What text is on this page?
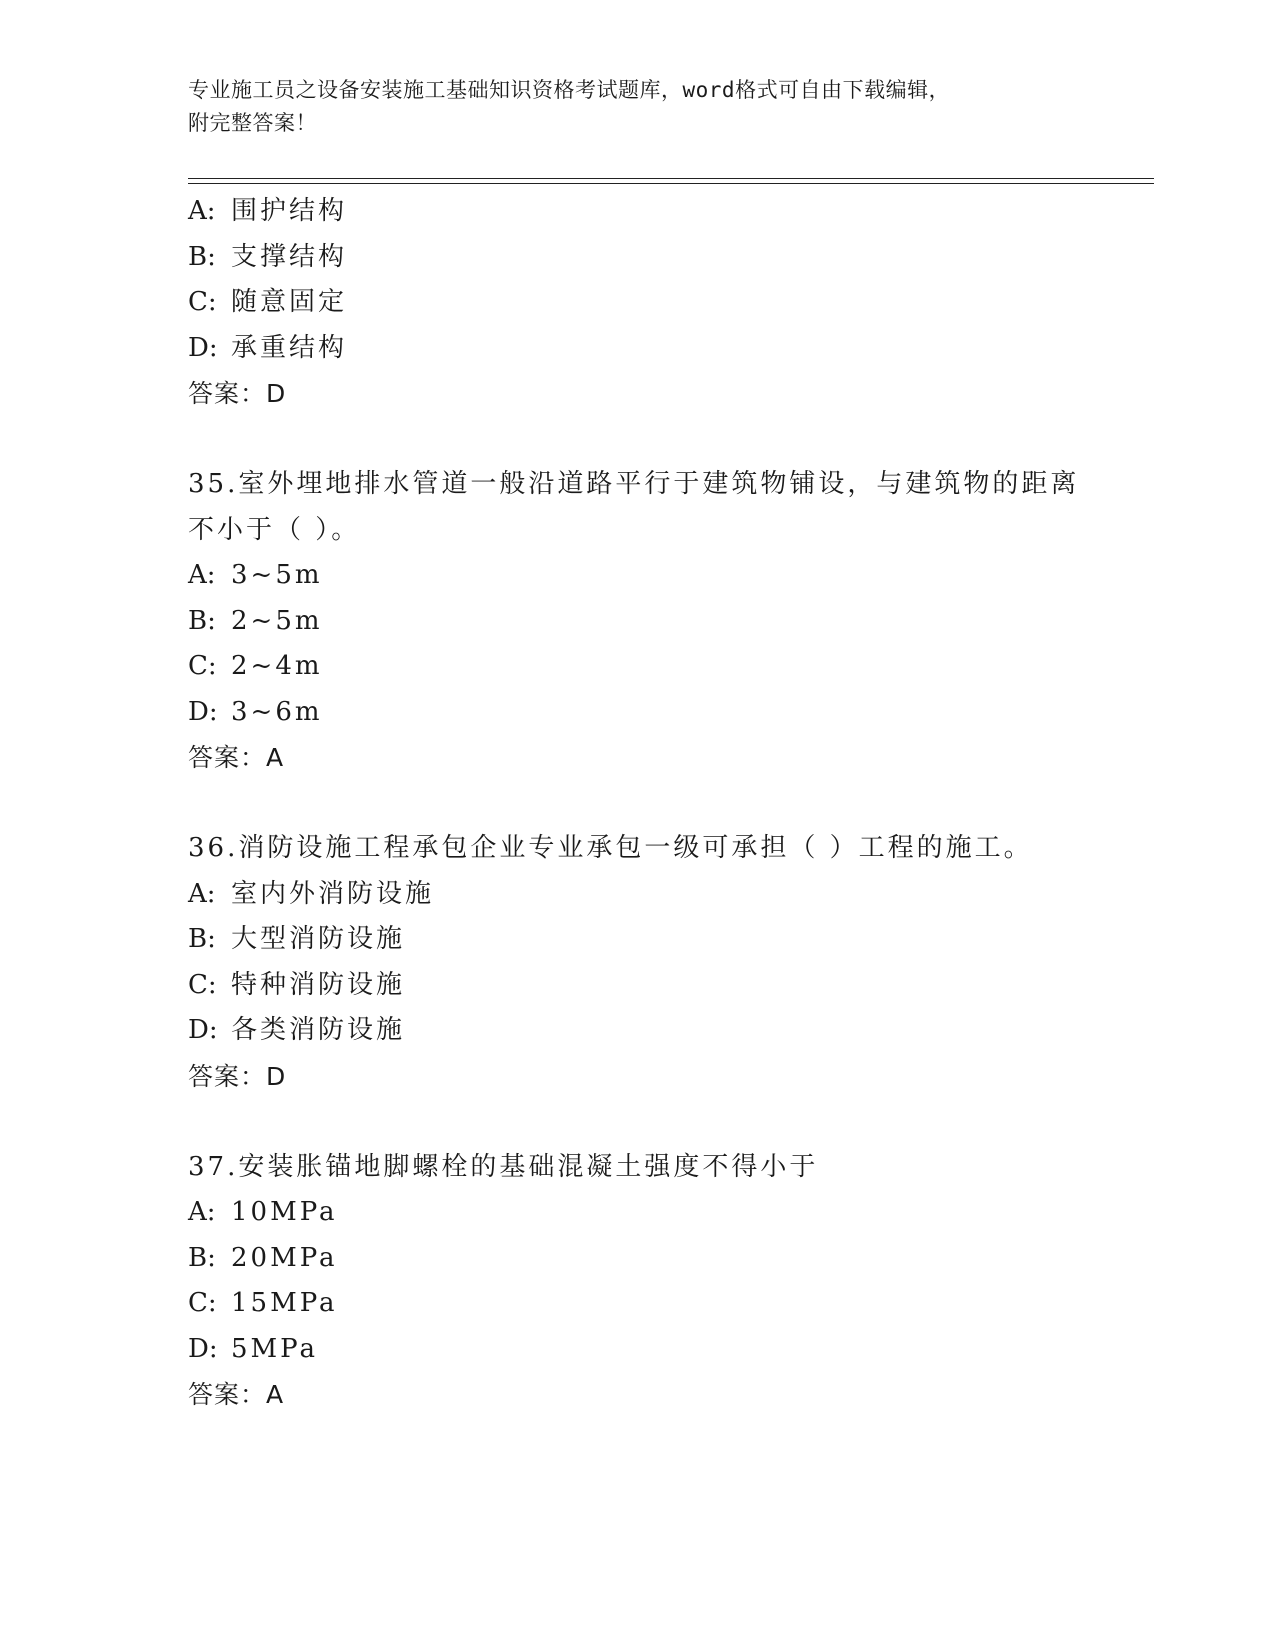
专业施工员之设备安装施工基础知识资格考试题库，word格式可自由下载编辑，
附完整答案！
A: 围护结构
B: 支撑结构
C: 随意固定
D: 承重结构
答案：D
35.室外埋地排水管道一般沿道路平行于建筑物铺设，与建筑物的距离
不小于（ ）。
A: 3~5m
B: 2~5m
C: 2~4m
D: 3~6m
答案：A
36.消防设施工程承包企业专业承包一级可承担（ ）工程的施工。
A: 室内外消防设施
B: 大型消防设施
C: 特种消防设施
D: 各类消防设施
答案：D
37.安装胀锚地脚螺栓的基础混凝土强度不得小于
A: 10MPa
B: 20MPa
C: 15MPa
D: 5MPa
答案：A
